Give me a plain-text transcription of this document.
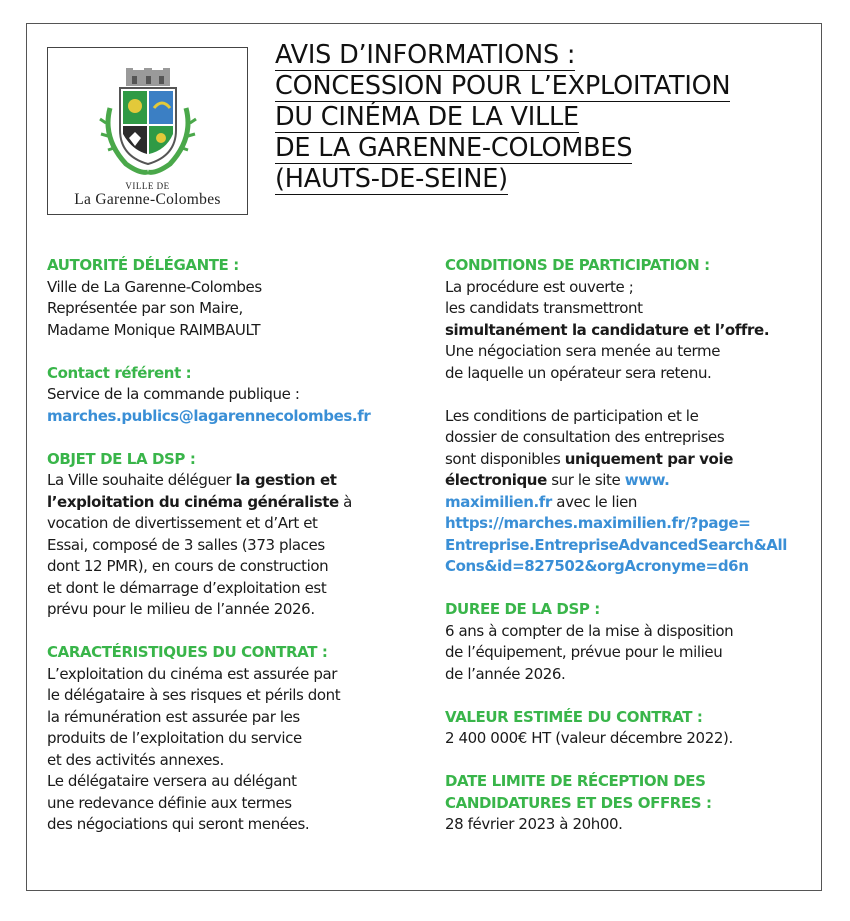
VILLE DE
La Garenne-Colombes
AVIS D’INFORMATIONS :
CONCESSION POUR L’EXPLOITATION
DU CINÉMA DE LA VILLE
DE LA GARENNE-COLOMBES
(HAUTS-DE-SEINE)
AUTORITÉ DÉLÉGANTE :
Ville de La Garenne-Colombes
Représentée par son Maire,
Madame Monique RAIMBAULT
Contact référent :
Service de la commande publique :
marches.publics@lagarennecolombes.fr
OBJET DE LA DSP :
La Ville souhaite déléguer la gestion et
l’exploitation du cinéma généraliste à
vocation de divertissement et d’Art et
Essai, composé de 3 salles (373 places
dont 12 PMR), en cours de construction
et dont le démarrage d’exploitation est
prévu pour le milieu de l’année 2026.
CARACTÉRISTIQUES DU CONTRAT :
L’exploitation du cinéma est assurée par
le délégataire à ses risques et périls dont
la rémunération est assurée par les
produits de l’exploitation du service
et des activités annexes.
Le délégataire versera au délégant
une redevance définie aux termes
des négociations qui seront menées.
CONDITIONS DE PARTICIPATION :
La procédure est ouverte ;
les candidats transmettront
simultanément la candidature et l’offre.
Une négociation sera menée au terme
de laquelle un opérateur sera retenu.
Les conditions de participation et le
dossier de consultation des entreprises
sont disponibles uniquement par voie
électronique sur le site www.
maximilien.fr avec le lien
https://marches.maximilien.fr/?page=
Entreprise.EntrepriseAdvancedSearch&All
Cons&id=827502&orgAcronyme=d6n
DUREE DE LA DSP :
6 ans à compter de la mise à disposition
de l’équipement, prévue pour le milieu
de l’année 2026.
VALEUR ESTIMÉE DU CONTRAT :
2 400 000€ HT (valeur décembre 2022).
DATE LIMITE DE RÉCEPTION DES
CANDIDATURES ET DES OFFRES :
28 février 2023 à 20h00.
